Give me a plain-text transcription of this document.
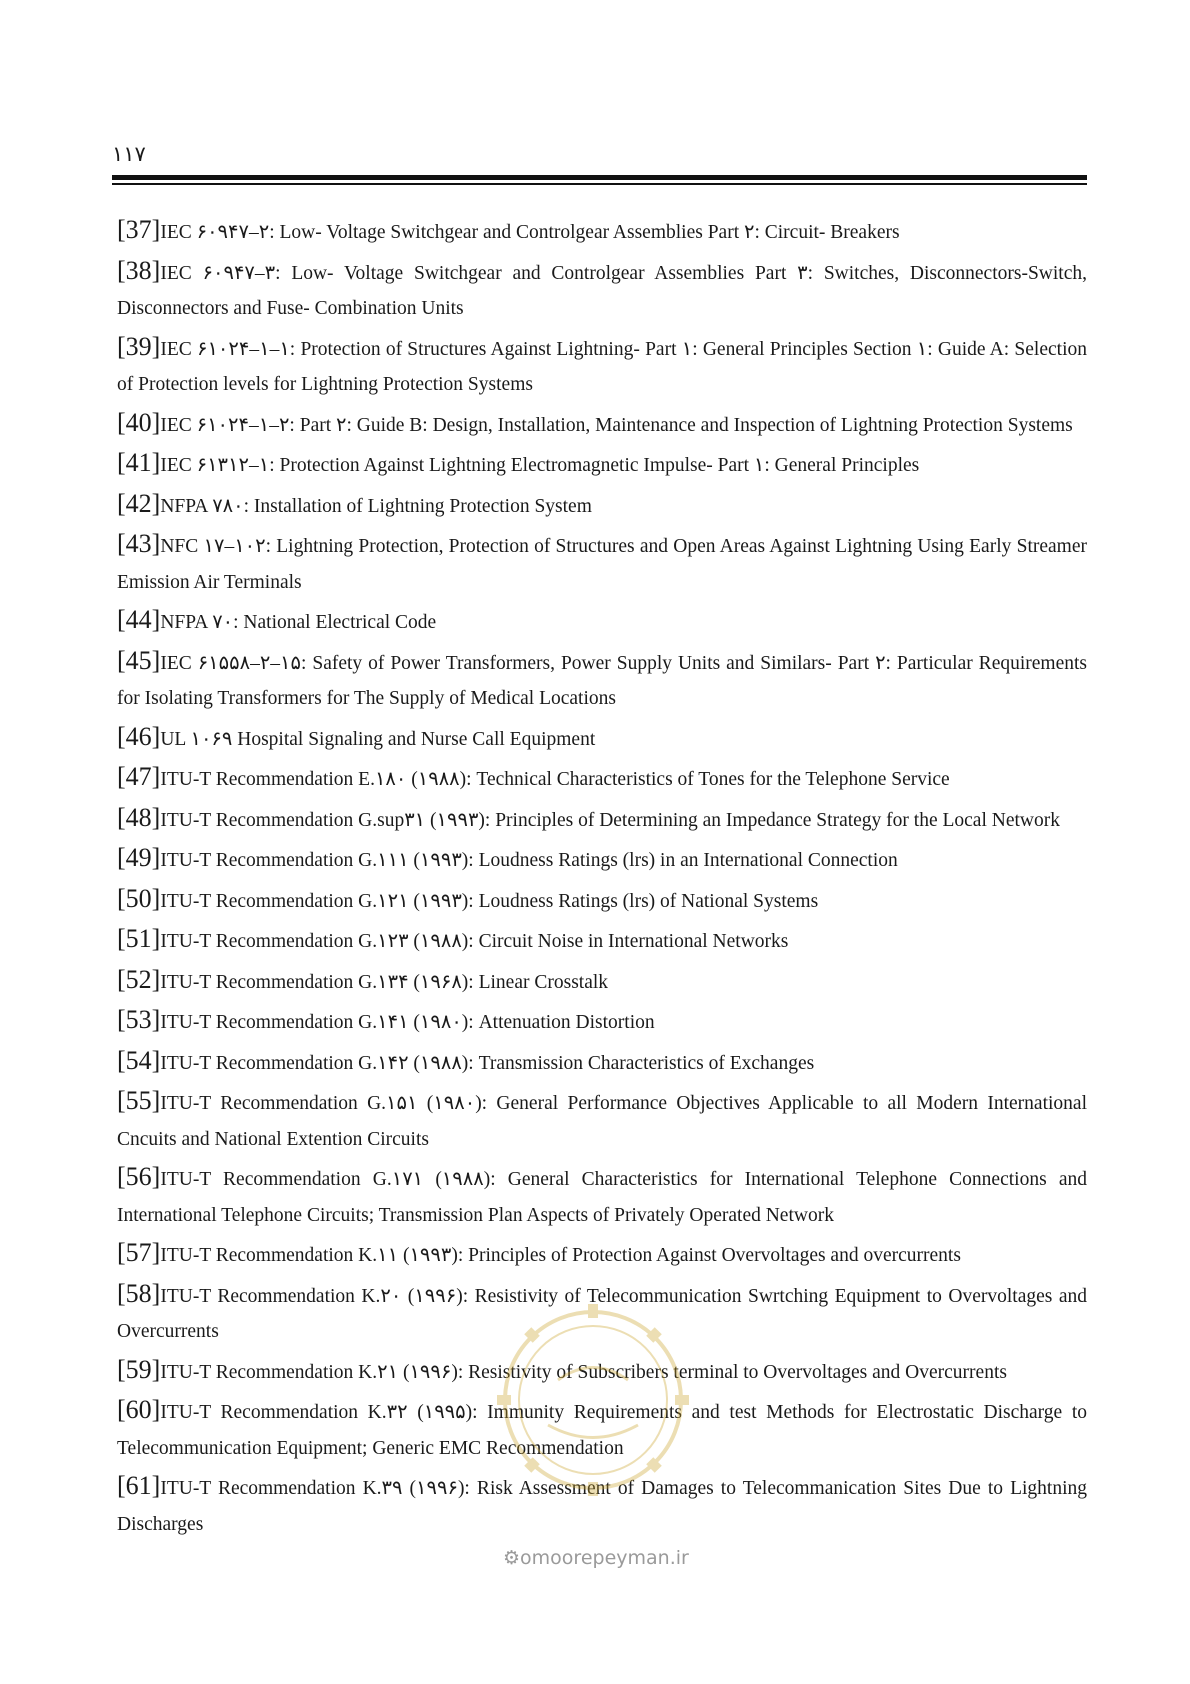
۱۱۷
[37]IEC ۶۰۹۴۷–۲: Low- Voltage Switchgear and Controlgear Assemblies Part ۲: Circuit- Breakers
[38]IEC ۶۰۹۴۷–۳: Low- Voltage Switchgear and Controlgear Assemblies Part ۳: Switches, Disconnectors-Switch, Disconnectors and Fuse- Combination Units
[39]IEC ۶۱۰۲۴–۱–۱: Protection of Structures Against Lightning- Part ۱: General Principles Section ۱: Guide A: Selection of Protection levels for Lightning Protection Systems
[40]IEC ۶۱۰۲۴–۱–۲: Part ۲: Guide B: Design, Installation, Maintenance and Inspection of Lightning Protection Systems
[41]IEC ۶۱۳۱۲–۱: Protection Against Lightning Electromagnetic Impulse- Part ۱: General Principles
[42]NFPA ۷۸۰: Installation of Lightning Protection System
[43]NFC ۱۷–۱۰۲: Lightning Protection, Protection of Structures and Open Areas Against Lightning Using Early Streamer Emission Air Terminals
[44]NFPA ۷۰: National Electrical Code
[45]IEC ۶۱۵۵۸–۲–۱۵: Safety of Power Transformers, Power Supply Units and Similars- Part ۲: Particular Requirements for Isolating Transformers for The Supply of Medical Locations
[46]UL ۱۰۶۹ Hospital Signaling and Nurse Call Equipment
[47]ITU-T Recommendation E.۱۸۰ (۱۹۸۸): Technical Characteristics of Tones for the Telephone Service
[48]ITU-T Recommendation G.sup۳۱ (۱۹۹۳): Principles of Determining an Impedance Strategy for the Local Network
[49]ITU-T Recommendation G.۱۱۱ (۱۹۹۳): Loudness Ratings (lrs) in an International Connection
[50]ITU-T Recommendation G.۱۲۱ (۱۹۹۳): Loudness Ratings (lrs) of National Systems
[51]ITU-T Recommendation G.۱۲۳ (۱۹۸۸): Circuit Noise in International Networks
[52]ITU-T Recommendation G.۱۳۴ (۱۹۶۸): Linear Crosstalk
[53]ITU-T Recommendation G.۱۴۱ (۱۹۸۰): Attenuation Distortion
[54]ITU-T Recommendation G.۱۴۲ (۱۹۸۸): Transmission Characteristics of Exchanges
[55]ITU-T Recommendation G.۱۵۱ (۱۹۸۰): General Performance Objectives Applicable to all Modern International Cncuits and National Extention Circuits
[56]ITU-T Recommendation G.۱۷۱ (۱۹۸۸): General Characteristics for International Telephone Connections and International Telephone Circuits; Transmission Plan Aspects of Privately Operated Network
[57]ITU-T Recommendation K.۱۱ (۱۹۹۳): Principles of Protection Against Overvoltages and overcurrents
[58]ITU-T Recommendation K.۲۰ (۱۹۹۶): Resistivity of Telecommunication Swrtching Equipment to Overvoltages and Overcurrents
[59]ITU-T Recommendation K.۲۱ (۱۹۹۶): Resistivity of Subscribers terminal to Overvoltages and Overcurrents
[60]ITU-T Recommendation K.۳۲ (۱۹۹۵): Immunity Requirements and test Methods for Electrostatic Discharge to Telecommunication Equipment; Generic EMC Recommendation
[61]ITU-T Recommendation K.۳۹ (۱۹۹۶): Risk Assessment of Damages to Telecommanication Sites Due to Lightning Discharges
⚙omoorepeyman.ir
